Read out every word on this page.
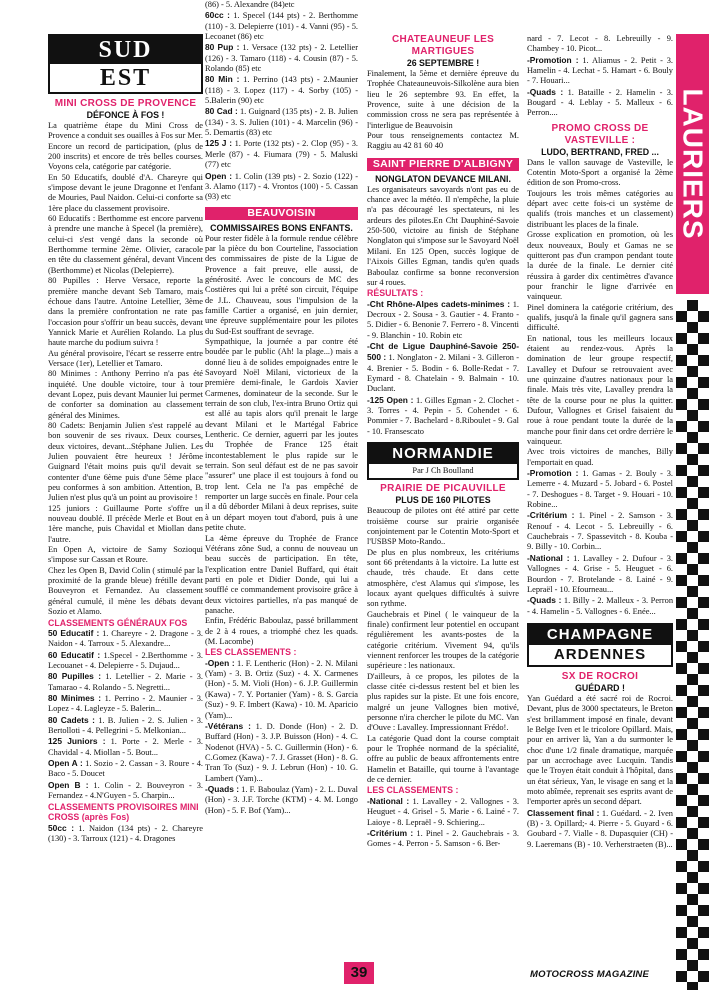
SUD
EST
MINI CROSS DE PROVENCE
DÉFONCE À FOS !

La quatrième étape du Mini Cross de Provence a conduit ses ouailles à Fos sur Mer. Encore un record de participation, (plus de 200 inscrits) et encore de très belles courses. Voyons cela, catégorie par catégorie.

En 50 Educatifs, doublé d'A. Chareyre qui s'impose devant le jeune Dragonne et l'enfant de Mouries, Paul Naidon. Celui-ci conforte sa 1ère place du classement provisoire.

60 Educatifs : Berthomme est encore parvenu à prendre une manche à Specel (la première), celui-ci s'est vengé dans la seconde où Berthomme termine 2ème. Olivier, caracole en tête du classement général, devant Vincent (Berthomme) et Nicolas (Delepierre).

80 Pupilles : Herve Versace, reporte la première manche devant Seb Tamaro, mais échoue dans l'autre. Antoine Letellier, 3ème dans la première confrontation ne rate pas l'occasion pour s'offrir un beau succès, devant Yannick Marie et Aurélien Rolando. La plus haute marche du podium suivra !

Au général provisoire, l'écart se resserre entre Versace (1er), Letellier et Tamaro.

80 Minimes : Anthony Perrino n'a pas été inquiété. Une double victoire, tour à tour devant Lopez, puis devant Maunier lui permet de conforter sa domination au classement général des Minimes.

80 Cadets: Benjamin Julien s'est rappelé au bon souvenir de ses rivaux. Deux courses, deux victoires, devant...Stéphane Julien. Les Julien pouvaient être heureux ! Jérôme Guignard l'était moins puis qu'il devait se contenter d'une 6ème puis d'une 5ème place peu conformes à son ambition. Attention, B. Julien n'est plus qu'à un point au provisoire !

125 juniors : Guillaume Porte s'offre un nouveau doublé. Il précède Merle et Bout en 1ère manche, puis Chavidal et Miollan dans l'autre.

En Open A, victoire de Samy Sozioqui s'impose sur Cassan et Roure.

Chez les Open B, David Colin ( stimulé par la proximité de la grande bleue) frétille devant Bouveyron et Fernandez. Au classement général cumulé, il mène les débats devant Sozio et Alamo.

CLASSEMENTS GÉNÉRAUX FOS

50 Educatif : 1. Chareyre - 2. Dragone - 3. Naidon - 4. Tarroux - 5. Alexandre...

60 Educatif : 1.Specel - 2.Berthomme - 3. Lecouanet - 4. Delepierre - 5. Dujaud...

80 Pupilles : 1. Letellier - 2. Marie - 3. Tamarao - 4. Rolando - 5. Negretti...

80 Minimes : 1. Perrino - 2. Maunier - 3. Lopez - 4. Lagleyze - 5. Balerin...

80 Cadets : 1. B. Julien - 2. S. Julien - 3. Bertolloti - 4. Pellegrini - 5. Melkonian...

125 Juniors : 1. Porte - 2. Merle - 3. Chavidal - 4. Miollan - 5. Bout...

Open A : 1. Sozio - 2. Cassan - 3. Roure - 4. Baco - 5. Doucet

Open B : 1. Colin - 2. Bouveyron - 3. Fernandez - 4.N'Guyen - 5. Charpin...

CLASSEMENTS PROVISOIRES MINI CROSS (après Fos)

50cc : 1. Naidon (134 pts) - 2. Chareyre (130) - 3. Tarroux (121) - 4. Dragones

(86) - 5. Alexandre (84)etc

60cc : 1. Specel (144 pts) - 2. Berthomme (110) - 3. Delepierre (101) - 4. Vanni (95) - 5. Lecoanet (86) etc

80 Pup : 1. Versace (132 pts) - 2. Letellier (126) - 3. Tamaro (118) - 4. Cousin (87) - 5. Rolando (85) etc

80 Min : 1. Perrino (143 pts) - 2.Maunier (118) - 3. Lopez (117) - 4. Sorby (105) - 5.Balerin (90) etc

80 Cad : 1. Guignard (135 pts) - 2. B. Julien (134) - 3. S. Julien (101) - 4. Marcelin (96) - 5. Demartis (83) etc

125 J : 1. Porte (132 pts) - 2. Clop (95) - 3. Merle (87) - 4. Fiumara (79) - 5. Maluski (77) etc

Open : 1. Colin (139 pts) - 2. Sozio (122) - 3. Alamo (117) - 4. Vrontos (100) - 5. Cassan (93) etc

BEAUVOISIN
COMMISSAIRES BONS ENFANTS.

Pour rester fidèle à la formule rendue célèbre par la pièce du bon Courteline, l'association des commissaires de piste de la Ligue de Provence a fait preuve, elle aussi, de générosité. Avec le concours de MC des Costières qui lui a prêté son circuit, l'équipe de J.L. Chauveau, sous l'impulsion de la famille Cartier a organisé, en juin dernier, une épreuve supplémentaire pour les pilotes du Sud-Est souffrant de sevrage.

Sympathique, la journée a par contre été boudée par le public (Ah! la plage...) mais a donné lieu à de solides empoignades entre le Savoyard Noël Milani, victorieux de la première demi-finale, le Gardois Xavier Carmenes, dominateur de la seconde. Sur le terrain de son club, l'ex-intra Bruno Ortiz qui est allé au tapis alors qu'il prenait le large devant Milani et le Martégal Fabrice Lentheric. Ce dernier, aguerri par les joutes du Trophée de France 125 était incontestablement le plus rapide sur le terrain. Son seul défaut est de ne pas savoir "assurer" une place il est toujours à fond ou trop lent. Cela ne l'a pas empêché de remporter un large succès en finale. Pour cela il a dû déborder Milani à deux reprises, suite à un départ moyen tout d'abord, puis à une petite chute.

La 4ème épreuve du Trophée de France Vétérans zône Sud, a connu de nouveau un beau succès de participation. En tête, l'explication entre Daniel Buffard, qui était parti en pole et Didier Donde, qui lui a soufflé ce commandement provisoire grâce à deux victoires partielles, n'a pas manqué de panache.

Enfin, Frédéric Baboulaz, passé brillamment de 2 à 4 roues, a triomphé chez les quads. (M. Lacombe)

LES CLASSEMENTS :

-Open : 1. F. Lentheric (Hon) - 2. N. Milani (Yam) - 3. B. Ortiz (Suz) - 4. X. Carmenes (Hon) - 5. M. Violi (Hon) - 6. J.P. Guillermin (Kawa) - 7. Y. Portanier (Yam) - 8. S. Garcia (Suz) - 9. F. Imbert (Kawa) - 10. M. Aparicio (Yam)...

-Vétérans : 1. D. Donde (Hon) - 2. D. Buffard (Hon) - 3. J.P. Buisson (Hon) - 4. C. Nodenot (HVA) - 5. C. Guillermin (Hon) - 6. C.Gomez (Kawa) - 7. J. Grasset (Hon) - 8. G. Tran To (Suz) - 9. J. Lebrun (Hon) - 10. G. Lambert (Yam)...

-Quads : 1. F. Baboulaz (Yam) - 2. L. Duval (Hon) - 3. J.F. Torche (KTM) - 4. M. Longo (Hon) - 5. F. Bof (Yam)...

CHATEAUNEUF LES MARTIGUES
26 SEPTEMBRE !

Finalement, la 5ème et dernière épreuve du Trophée Chateauneuvois-Silkolène aura bien lieu le 26 septembre 93. En effet, la Provence, suite à une décision de la commission cross ne sera pas représentée à l'interligue de Beauvoisin

Pour tous renseignements contactez M. Raggiu au 42 81 60 40

SAINT PIERRE D'ALBIGNY
NONGLATON DEVANCE MILANI.

Les organisateurs savoyards n'ont pas eu de chance avec la météo. Il n'empêche, la pluie n'a pas découragé les spectateurs, ni les ardeurs des pilotes.En Cht Dauphiné-Savoie 250-500, victoire au finish de Stéphane Nonglaton qui s'impose sur le Savoyard Noël Milani. En 125 Open, succès logique de l'Aixois Gilles Egman, tandis qu'en quads Baboulaz confirme sa bonne reconversion sur 4 roues.

RÉSULTATS :

-Cht Rhône-Alpes cadets-minimes : 1. Decroux - 2. Sousa - 3. Gautier - 4. Franto - 5. Didier - 6. Benonie 7. Ferrero - 8. Vincenti - 9. Blanchin - 10. Robin etc

-Cht de Ligue Dauphiné-Savoie 250-500 : 1. Nonglaton - 2. Milani - 3. Gilleron - 4. Brenier - 5. Bodin - 6. Bolle-Redat - 7. Eymard - 8. Chatelain - 9. Balmain - 10. Duclant.

-125 Open : 1. Gilles Egman - 2. Clochet - 3. Torres - 4. Pepin - 5. Cohendet - 6. Pommier - 7. Bachelard - 8.Riboulet - 9. Gal - 10. Fransescato

NORMANDIE
Par J Ch Boulland
PRAIRIE DE PICAUVILLE
PLUS DE 160 PILOTES

Beaucoup de pilotes ont été attiré par cette troisième course sur prairie organisée conjointement par le Cotentin Moto-Sport et l'USBSP Moto-Rando..

De plus en plus nombreux, les critériums sont 66 prétendants à la victoire. La lutte est chaude, très chaude. Et dans cette atmosphère, c'est Alamus qui s'impose, les locaux ayant quelques difficultés à suivre son rythme.

Gauchebrais et Pinel ( le vainqueur de la finale) confirment leur potentiel en occupant régulièrement les avants-postes de la catégorie critérium. Vivement 94, qu'ils viennent renforcer les troupes de la catégorie supérieure : les nationaux.

D'ailleurs, à ce propos, les pilotes de la classe citée ci-dessus restent bel et bien les plus rapides sur la piste. Et une fois encore, malgré un jeune Vallognes bien motivé, personne n'ira chercher le pilote du MC. Van d'Ouve : Lavalley. Impressionnant Frédo!.

La catégorie Quad dont la course comptait pour le Trophée normand de la spécialité, offre au public de beaux affrontements entre Hamelin et Bataille, qui tourne à l'avantage de ce dernier.

LES CLASSEMENTS :

-National : 1. Lavalley - 2. Vallognes - 3. Heuguet - 4. Grisel - 5. Marie - 6. Lainé - 7. Laioye - 8. Lepraël - 9. Schiering...

-Critérium : 1. Pinel - 2. Gauchebrais - 3. Gomes - 4. Perron - 5. Samson - 6. Ber-

nard - 7. Lecot - 8. Lebreuilly - 9. Chambey - 10. Picot...

-Promotion : 1. Aliamus - 2. Petit - 3. Hamelin - 4. Lechat - 5. Hamart - 6. Bouly - 7. Houari...

-Quads : 1. Bataille - 2. Hamelin - 3. Bougard - 4. Leblay - 5. Malleux - 6. Perron....

PROMO CROSS DE VASTEVILLE :
LUDO, BERTRAND, FRED ...

Dans le vallon sauvage de Vasteville, le Cotentin Moto-Sport a organisé la 2ème édition de son Promo-cross.

Toujours les trois mêmes catégories au départ avec cette fois-ci un système de qualifs (trois manches et un classement) distribuant les places de la finale.

Grosse explication en promotion, où les deux nouveaux, Bouly et Gamas ne se quitteront pas d'un crampon pendant toute la durée de la finale. Le dernier cité réussira à garder dix centimètres d'avance pour franchir le ligne d'arrivée en vainqueur.

Pinel dominera la catégorie critérium, des qualifs, jusqu'à la finale qu'il gagnera sans difficulté.

En national, tous les meilleurs locaux étaient au rendez-vous. Après la domination de leur groupe respectif, Lavalley et Dufour se retrouvaient avec une quinzaine d'autres nationaux pour la finale. Mais très vite, Lavalley prendra la tête de la course pour ne plus la quitter. Dufour, Vallognes et Grisel faisaient du roue à roue pendant toute la durée de la manche pour finir dans cet ordre derrière le vainqueur.

Avec trois victoires de manches, Billy l'emportait en quad.

-Promotion : 1. Gamas - 2. Bouly - 3. Lemerre - 4. Muzard - 5. Jobard - 6. Postel - 7. Deshogues - 8. Target - 9. Houari - 10. Robine...

-Critérium : 1. Pinel - 2. Samson - 3. Renouf - 4. Lecot - 5. Lebreuilly - 6. Cauchebrais - 7. Spassevitch - 8. Kouba - 9. Billy - 10. Corbin...

-National : 1. Lavalley - 2. Dufour - 3. Vallognes - 4. Grise - 5. Heuguet - 6. Bourdon - 7. Brotelande - 8. Lainé - 9. Lepraël - 10. Efourneau...

-Quads : 1. Billy - 2. Malleux - 3. Perron - 4. Hamelin - 5. Vallognes - 6. Enée...

CHAMPAGNE
ARDENNES
SX DE ROCROI
GUÉDARD !

Yan Guédard a été sacré roi de Rocroi. Devant, plus de 3000 spectateurs, le Breton s'est brillamment imposé en finale, devant le Belge Iven et le tricolore Opillard. Mais, pour en arriver là, Yan a du surmonter le choc d'une 1/2 finale dramatique, marquée par un accrochage avec Lucquin. Tandis que le Troyen était conduit à l'hôpital, dans un état sérieux, Yan, le visage en sang et la moto abîmée, reprenait ses esprits avant de l'emporter après un second départ.

Classement final : 1. Guédard. - 2. Iven (B) - 3. Opillard;- 4. Pierre - 5. Guyard - 6. Goubard - 7. Vialle - 8. Dupasquier (CH) - 9. Laeremans (B) - 10. Verherstraeten (B)...

LAURIERS
39	MOTOCROSS MAGAZINE
